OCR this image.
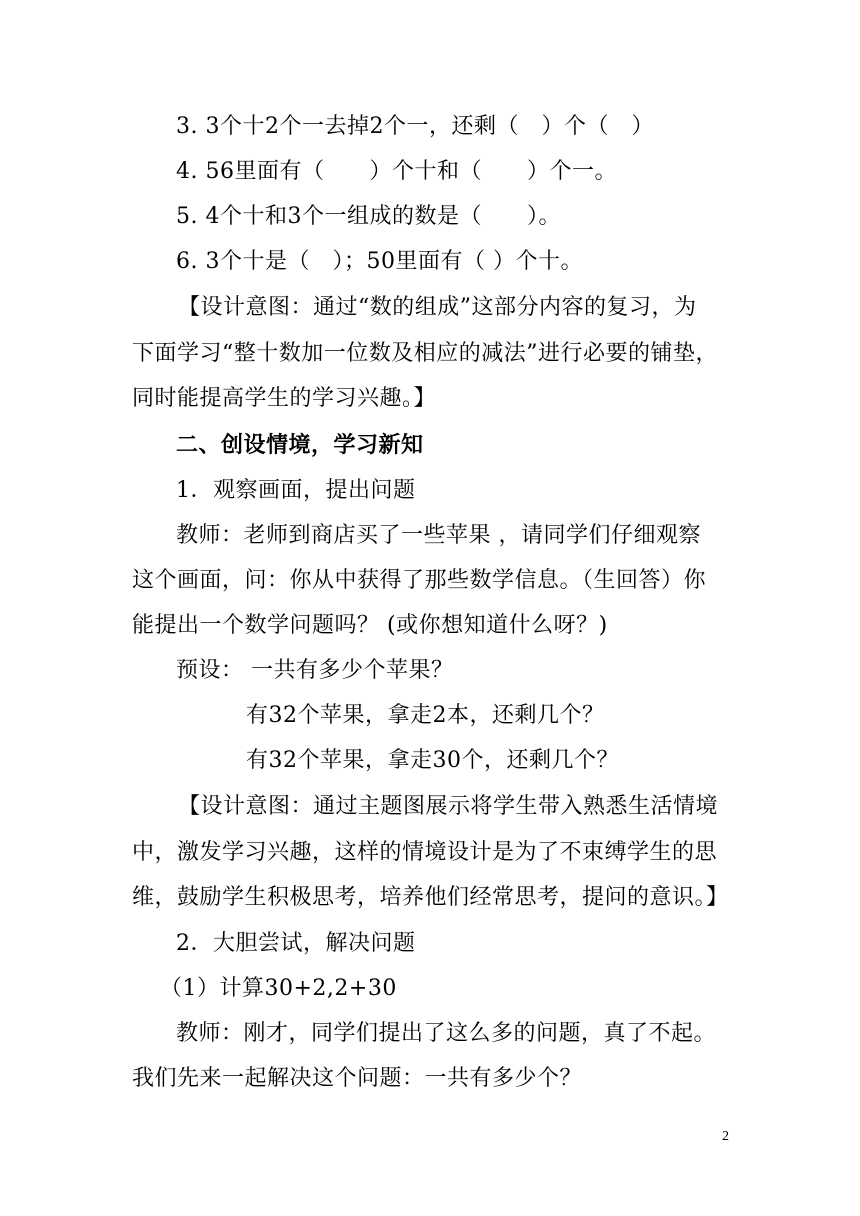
3. 3个十2个一去掉2个一，还剩（　）个（　）
4. 56里面有（　　）个十和（　　）个一。
5. 4个十和3个一组成的数是（　　）。
6. 3个十是（　）；50里面有（ ）个十。
【设计意图：通过“数的组成”这部分内容的复习，为
下面学习“整十数加一位数及相应的减法”进行必要的铺垫，
同时能提高学生的学习兴趣。】
二、创设情境，学习新知
1．观察画面，提出问题
教师：老师到商店买了一些苹果 ，请同学们仔细观察
这个画面，问：你从中获得了那些数学信息。（生回答）你
能提出一个数学问题吗？ (或你想知道什么呀？)
预设： 一共有多少个苹果？
有32个苹果，拿走2本，还剩几个？
有32个苹果，拿走30个，还剩几个？
【设计意图：通过主题图展示将学生带入熟悉生活情境
中，激发学习兴趣，这样的情境设计是为了不束缚学生的思
维，鼓励学生积极思考，培养他们经常思考，提问的意识。】
2．大胆尝试，解决问题
（1）计算30+2,2+30
教师：刚才，同学们提出了这么多的问题，真了不起。
我们先来一起解决这个问题：一共有多少个？
2
